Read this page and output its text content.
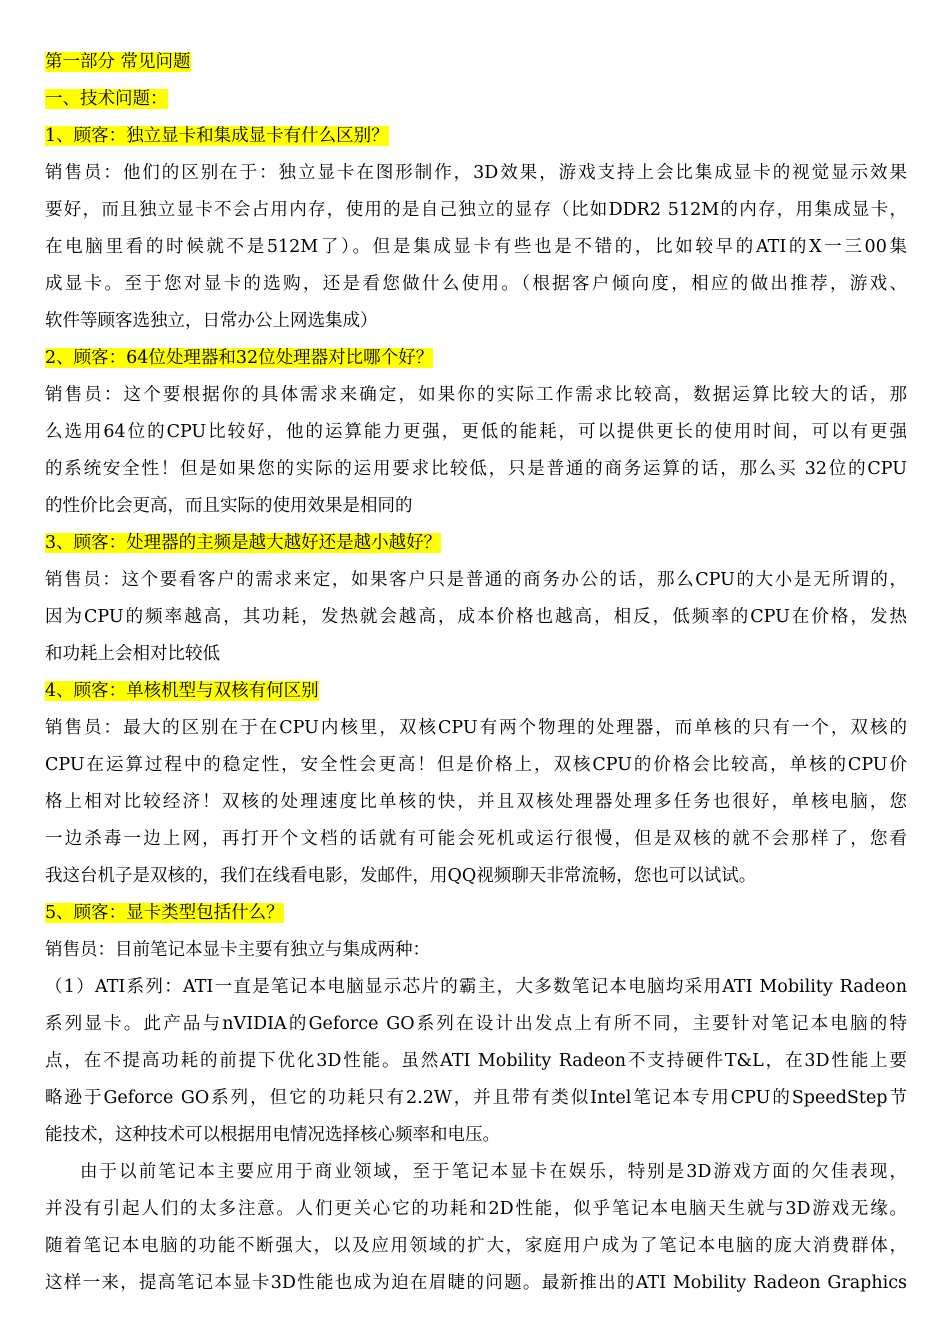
第一部分 常见问题
一、技术问题：
1、顾客：独立显卡和集成显卡有什么区别？
销售员：他们的区别在于：独立显卡在图形制作，3D效果，游戏支持上会比集成显卡的视觉显示效果
要好，而且独立显卡不会占用内存，使用的是自己独立的显存（比如DDR2 512M的内存，用集成显卡，
在电脑里看的时候就不是512M了）。但是集成显卡有些也是不错的，比如较早的ATI的X一三00集
成显卡。至于您对显卡的选购，还是看您做什么使用。（根据客户倾向度，相应的做出推荐，游戏、
软件等顾客选独立，日常办公上网选集成）
2、顾客：64位处理器和32位处理器对比哪个好？
销售员：这个要根据你的具体需求来确定，如果你的实际工作需求比较高，数据运算比较大的话，那
么选用64位的CPU比较好，他的运算能力更强，更低的能耗，可以提供更长的使用时间，可以有更强
的系统安全性！但是如果您的实际的运用要求比较低，只是普通的商务运算的话，那么买 32位的CPU
的性价比会更高，而且实际的使用效果是相同的
3、顾客：处理器的主频是越大越好还是越小越好？
销售员：这个要看客户的需求来定，如果客户只是普通的商务办公的话，那么CPU的大小是无所谓的，
因为CPU的频率越高，其功耗，发热就会越高，成本价格也越高，相反，低频率的CPU在价格，发热
和功耗上会相对比较低
4、顾客：单核机型与双核有何区别
销售员：最大的区别在于在CPU内核里，双核CPU有两个物理的处理器，而单核的只有一个，双核的
CPU在运算过程中的稳定性，安全性会更高！但是价格上，双核CPU的价格会比较高，单核的CPU价
格上相对比较经济！双核的处理速度比单核的快，并且双核处理器处理多任务也很好，单核电脑，您
一边杀毒一边上网，再打开个文档的话就有可能会死机或运行很慢，但是双核的就不会那样了，您看
我这台机子是双核的，我们在线看电影，发邮件，用QQ视频聊天非常流畅，您也可以试试。
5、顾客：显卡类型包括什么？
销售员：目前笔记本显卡主要有独立与集成两种：
（1）ATI系列：ATI一直是笔记本电脑显示芯片的霸主，大多数笔记本电脑均采用ATI Mobility Radeon
系列显卡。此产品与nVIDIA的Geforce GO系列在设计出发点上有所不同，主要针对笔记本电脑的特
点，在不提高功耗的前提下优化3D性能。虽然ATI Mobility Radeon不支持硬件T&L，在3D性能上要
略逊于Geforce GO系列，但它的功耗只有2.2W，并且带有类似Intel笔记本专用CPU的SpeedStep节
能技术，这种技术可以根据用电情况选择核心频率和电压。
由于以前笔记本主要应用于商业领域，至于笔记本显卡在娱乐，特别是3D游戏方面的欠佳表现，
并没有引起人们的太多注意。人们更关心它的功耗和2D性能，似乎笔记本电脑天生就与3D游戏无缘。
随着笔记本电脑的功能不断强大，以及应用领域的扩大，家庭用户成为了笔记本电脑的庞大消费群体，
这样一来，提高笔记本显卡3D性能也成为迫在眉睫的问题。最新推出的ATI Mobility Radeon Graphics
